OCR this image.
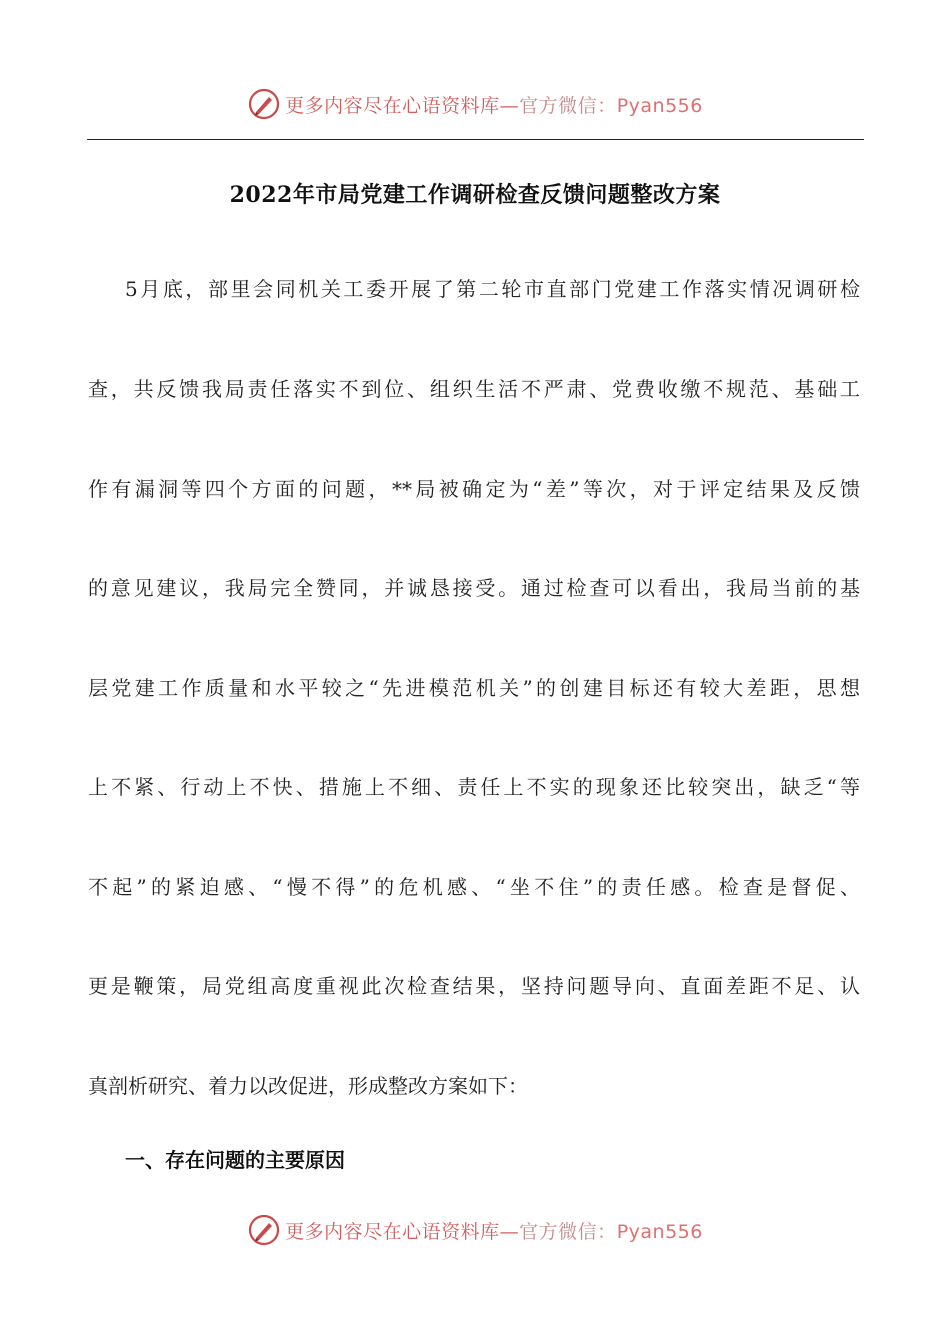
更多内容尽在心语资料库—官方微信：Pyan556
2022年市局党建工作调研检查反馈问题整改方案
5月底，部里会同机关工委开展了第二轮市直部门党建工作落实情况调研检
查，共反馈我局责任落实不到位、组织生活不严肃、党费收缴不规范、基础工
作有漏洞等四个方面的问题，**局被确定为“差”等次，对于评定结果及反馈
的意见建议，我局完全赞同，并诚恳接受。通过检查可以看出，我局当前的基
层党建工作质量和水平较之“先进模范机关”的创建目标还有较大差距，思想
上不紧、行动上不快、措施上不细、责任上不实的现象还比较突出，缺乏“等
不起”的紧迫感、“慢不得”的危机感、“坐不住”的责任感。检查是督促、
更是鞭策，局党组高度重视此次检查结果，坚持问题导向、直面差距不足、认
真剖析研究、着力以改促进，形成整改方案如下：
一、存在问题的主要原因
更多内容尽在心语资料库—官方微信：Pyan556
